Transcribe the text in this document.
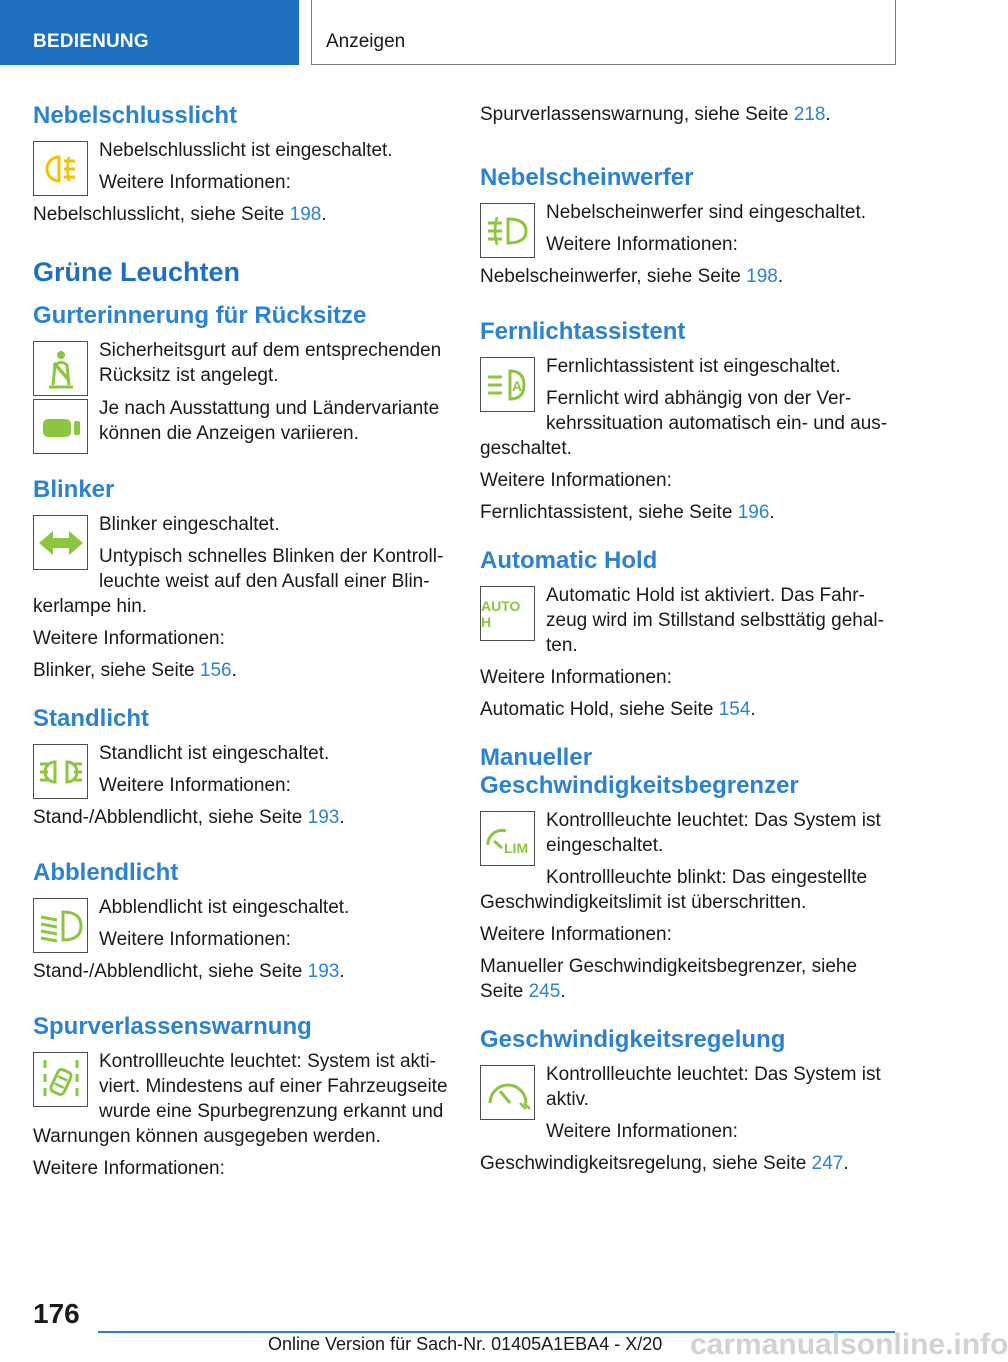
BEDIENUNG	Anzeigen
Nebelschlusslicht

Nebelschlusslicht ist eingeschaltet.

Weitere Informationen:

Nebelschlusslicht, siehe Seite 198.

Grüne Leuchten
Gurterinnerung für Rücksitze

Sicherheitsgurt auf dem entsprechenden Rücksitz ist angelegt.

Je nach Ausstattung und Ländervariante können die Anzeigen variieren.

Blinker

Blinker eingeschaltet.

Untypisch schnelles Blinken der Kontrollleuchte weist auf den Ausfall einer Blinkerlampe hin.

Weitere Informationen:

Blinker, siehe Seite 156.

Standlicht

Standlicht ist eingeschaltet.

Weitere Informationen:

Stand-/Abblendlicht, siehe Seite 193.

Abblendlicht

Abblendlicht ist eingeschaltet.

Weitere Informationen:

Stand-/Abblendlicht, siehe Seite 193.

Spurverlassenswarnung

Kontrollleuchte leuchtet: System ist aktiviert. Mindestens auf einer Fahrzeugseite wurde eine Spurbegrenzung erkannt und Warnungen können ausgegeben werden.

Weitere Informationen:

Spurverlassenswarnung, siehe Seite 218.

Nebelscheinwerfer

Nebelscheinwerfer sind eingeschaltet.

Weitere Informationen:

Nebelscheinwerfer, siehe Seite 198.

Fernlichtassistent
A

Fernlichtassistent ist eingeschaltet.

Fernlicht wird abhängig von der Verkehrssituation automatisch ein- und ausgeschaltet.

Weitere Informationen:

Fernlichtassistent, siehe Seite 196.

Automatic Hold
AUTO H

Automatic Hold ist aktiviert. Das Fahrzeug wird im Stillstand selbsttätig gehalten.

Weitere Informationen:

Automatic Hold, siehe Seite 154.

Manueller Geschwindigkeitsbegrenzer
LIM

Kontrollleuchte leuchtet: Das System ist eingeschaltet.

Kontrollleuchte blinkt: Das eingestellte Geschwindigkeitslimit ist überschritten.

Weitere Informationen:

Manueller Geschwindigkeitsbegrenzer, siehe Seite 245.

Geschwindigkeitsregelung

Kontrollleuchte leuchtet: Das System ist aktiv.

Weitere Informationen:

Geschwindigkeitsregelung, siehe Seite 247.

176
Online Version für Sach-Nr. 01405A1EBA4 - X/20 carmanualsonline.info
